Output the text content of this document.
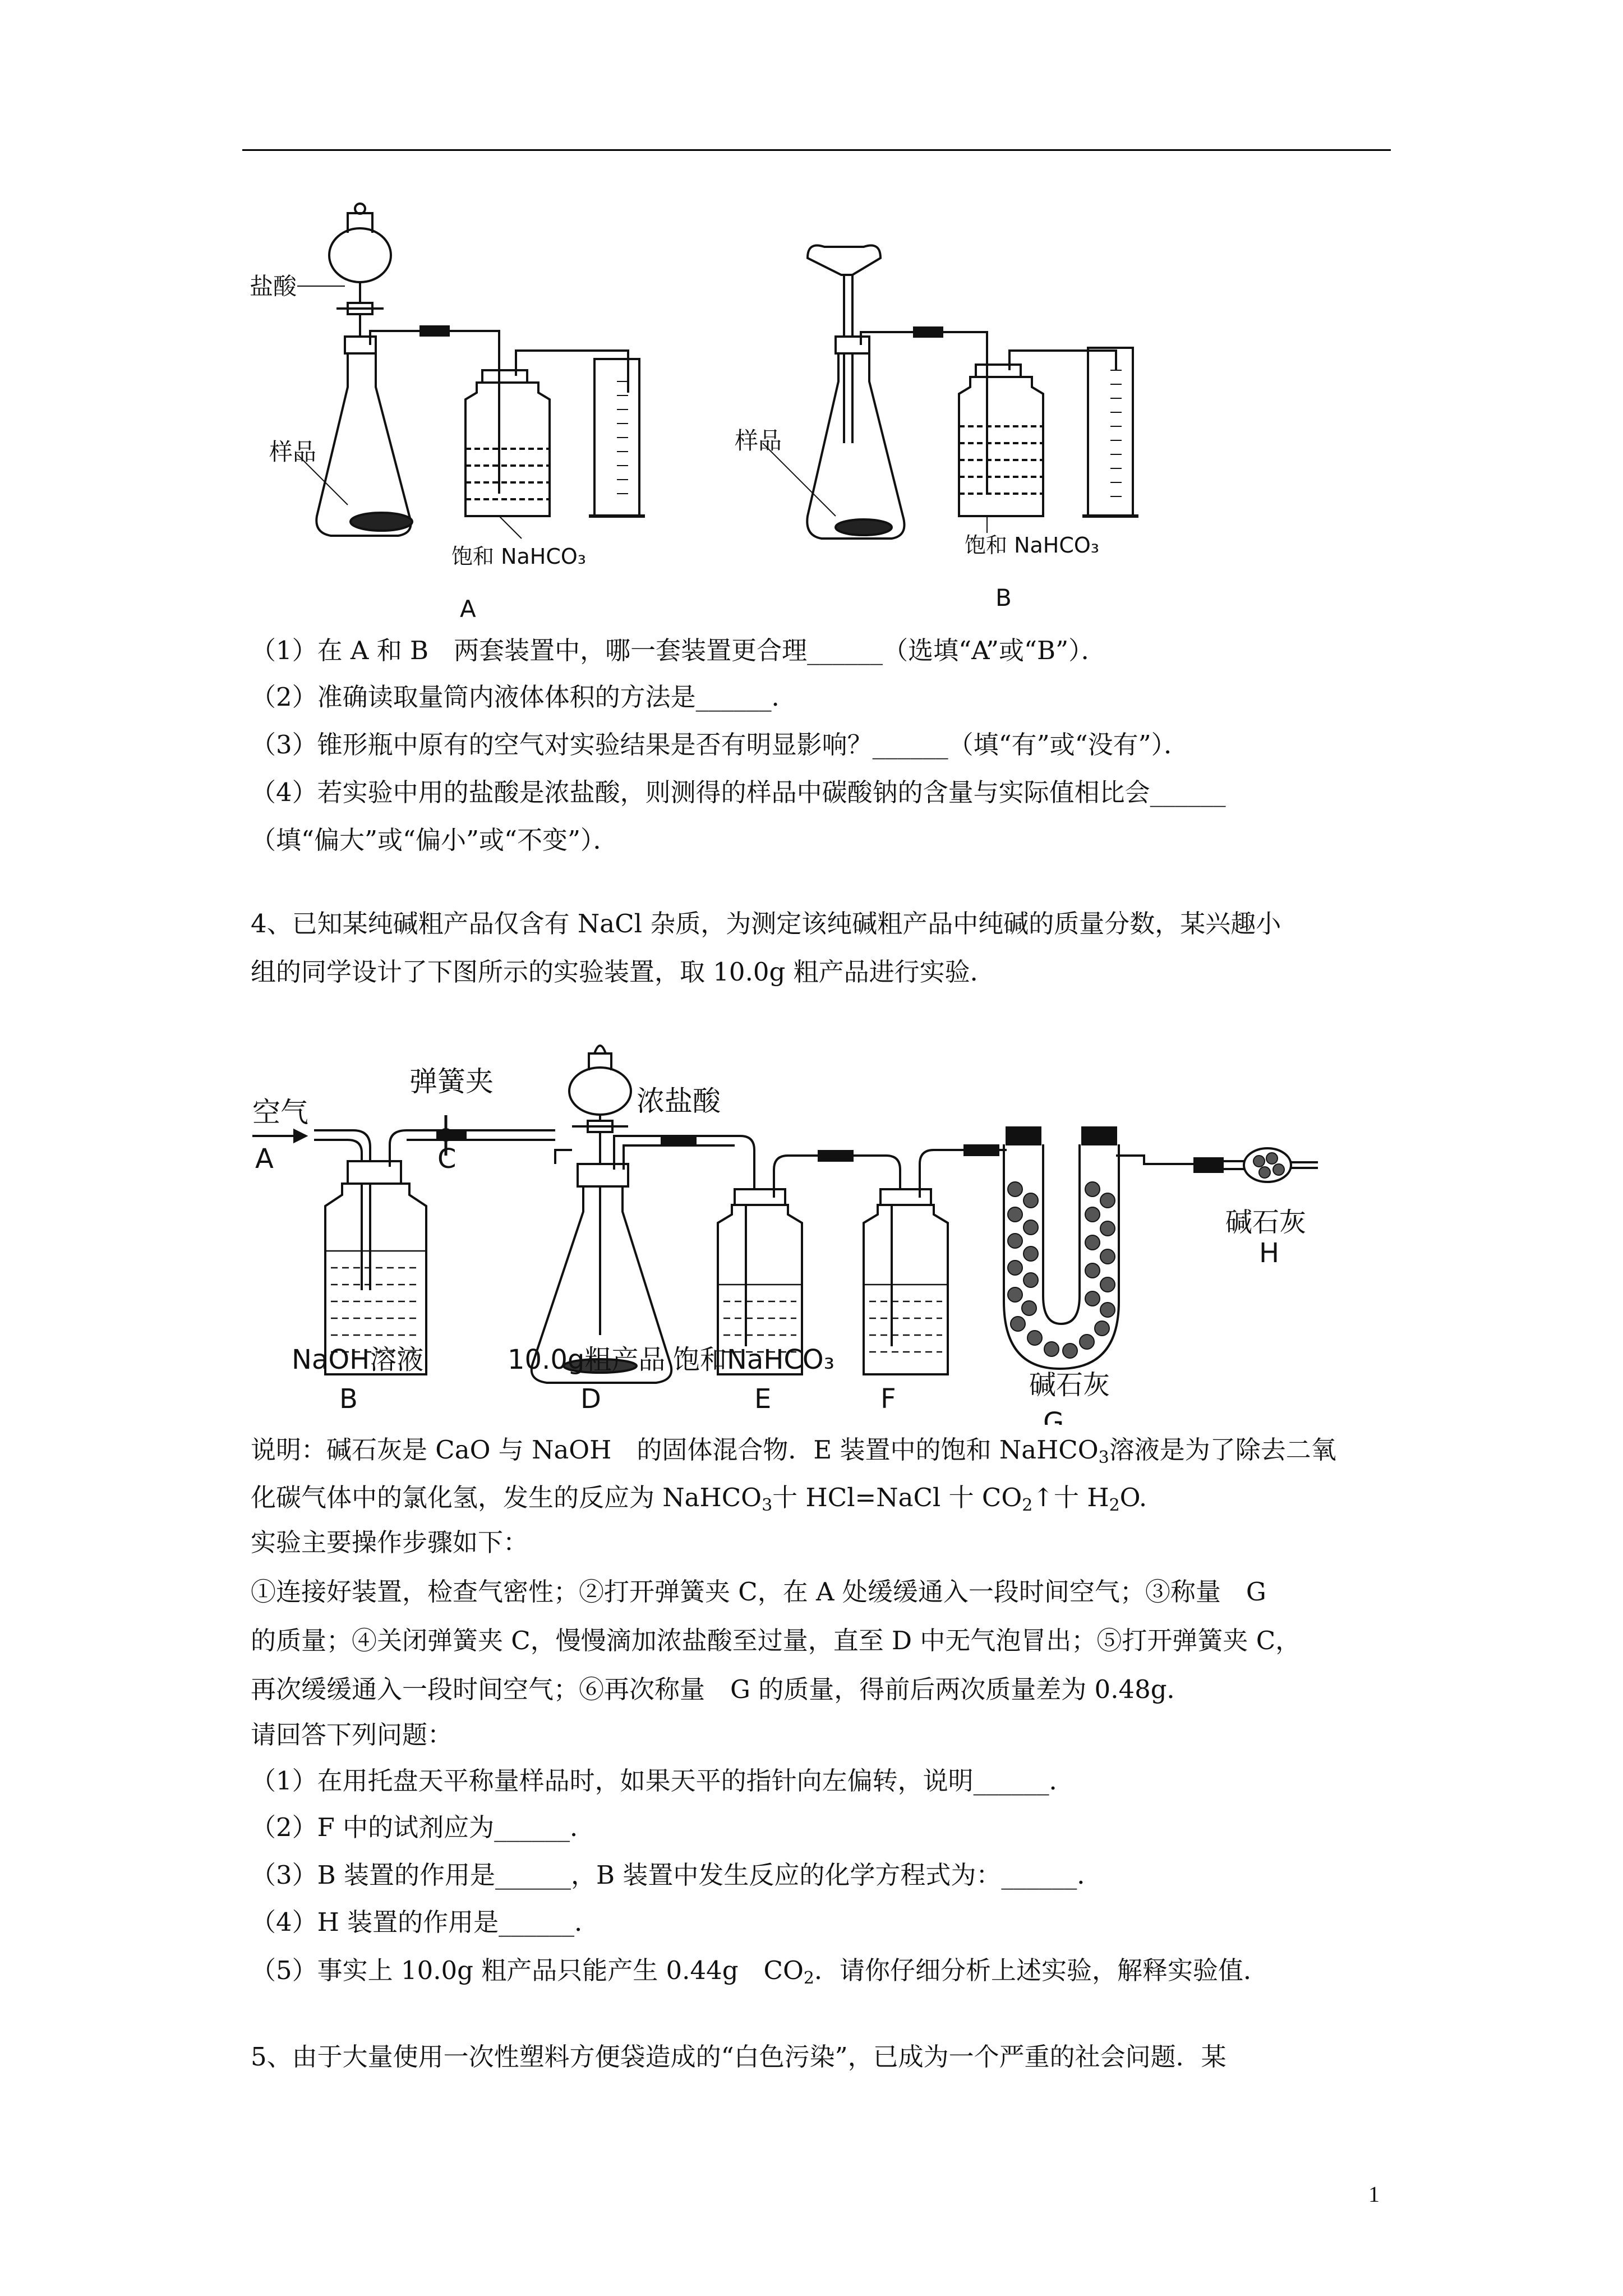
盐酸
样品
饱和 NaHCO₃
A
样品
饱和 NaHCO₃
B
（1）在 A 和 B　两套装置中，哪一套装置更合理______（选填“A”或“B”）．
（2）准确读取量筒内液体体积的方法是______．
（3）锥形瓶中原有的空气对实验结果是否有明显影响？______（填“有”或“没有”）．
（4）若实验中用的盐酸是浓盐酸，则测得的样品中碳酸钠的含量与实际值相比会______
（填“偏大”或“偏小”或“不变”）．
4、已知某纯碱粗产品仅含有 NaCl 杂质，为测定该纯碱粗产品中纯碱的质量分数，某兴趣小
组的同学设计了下图所示的实验装置，取 10.0g 粗产品进行实验．
空气
A
弹簧夹
C
浓盐酸
碱石灰
H
NaOH溶液
B
10.0g粗产品
D
饱和NaHCO₃
E	F	碱石灰
G
说明：碱石灰是 CaO 与 NaOH　的固体混合物．E 装置中的饱和 NaHCO$_3$溶液是为了除去二氧
化碳气体中的氯化氢，发生的反应为 NaHCO$_3$十 HCl=NaCl 十 $CO_2↑$十 $H_2O$.
实验主要操作步骤如下：
①连接好装置，检查气密性；②打开弹簧夹 C，在 A 处缓缓通入一段时间空气；③称量　G
的质量；④关闭弹簧夹 C，慢慢滴加浓盐酸至过量，直至 D 中无气泡冒出；⑤打开弹簧夹 C，
再次缓缓通入一段时间空气；⑥再次称量　G 的质量，得前后两次质量差为 0.48g．
请回答下列问题：
（1）在用托盘天平称量样品时，如果天平的指针向左偏转，说明______．
（2）F 中的试剂应为______．
（3）B 装置的作用是______，B 装置中发生反应的化学方程式为：______．
（4）H 装置的作用是______．
（5）事实上 10.0g 粗产品只能产生 0.44g　$CO_2$．请你仔细分析上述实验，解释实验值．
5、由于大量使用一次性塑料方便袋造成的“白色污染”，已成为一个严重的社会问题．某
1
